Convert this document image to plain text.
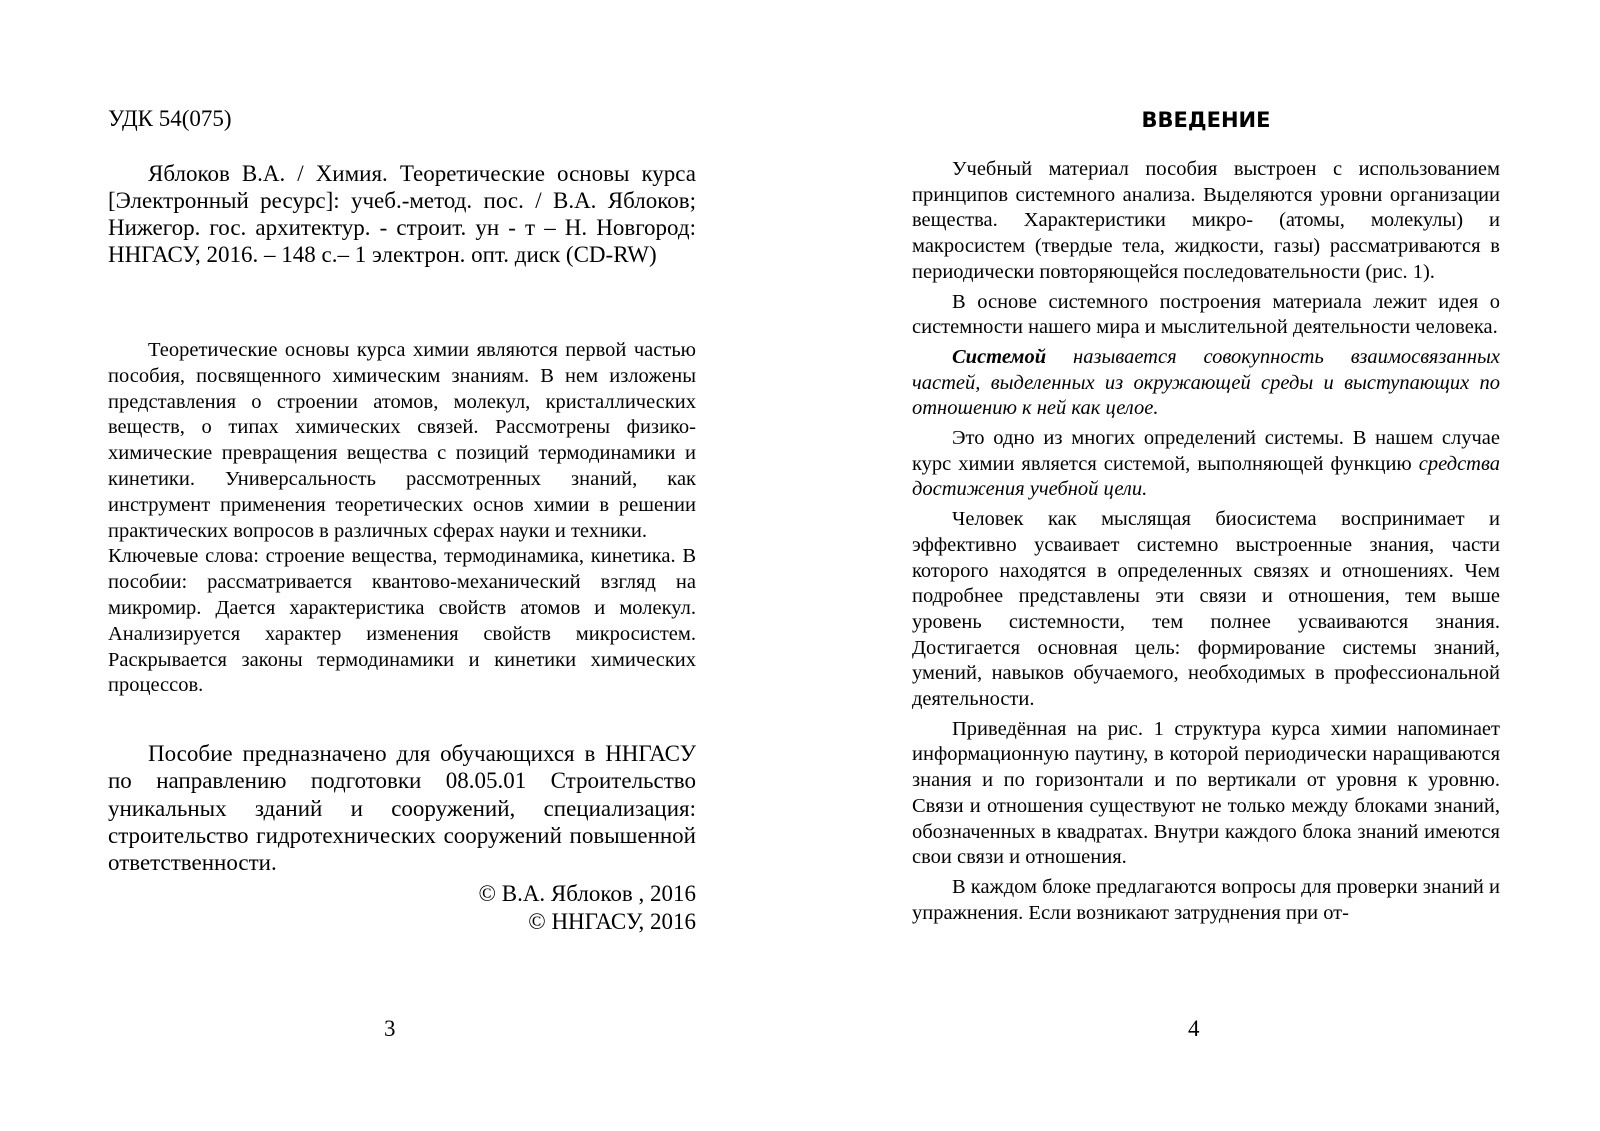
УДК 54(075)

Яблоков В.А. / Химия. Теоретические основы курса [Электронный ресурс]: учеб.-метод. пос. / В.А. Яблоков; Нижегор. гос. архитектур. - строит. ун - т – Н. Новгород: ННГАСУ, 2016. – 148 с.– 1 электрон. опт. диск (CD-RW)

Теоретические основы курса химии являются первой частью пособия, посвященного химическим знаниям. В нем изложены представления о строении атомов, молекул, кристаллических веществ, о типах химических связей. Рассмотрены физико-химические превращения вещества с позиций термодинамики и кинетики. Универсальность рассмотренных знаний, как инструмент применения теоретических основ химии в решении практических вопросов в различных сферах науки и техники.

Ключевые слова: строение вещества, термодинамика, кинетика. В пособии: рассматривается квантово-механический взгляд на микромир. Дается характеристика свойств атомов и молекул. Анализируется характер изменения свойств микросистем. Раскрывается законы термодинамики и кинетики химических процессов.

Пособие предназначено для обучающихся в ННГАСУ по направлению подготовки 08.05.01 Строительство уникальных зданий и сооружений, специализация: строительство гидротехнических сооружений повышенной ответственности.

© В.А. Яблоков , 2016
© ННГАСУ, 2016
3
ВВЕДЕНИЕ

Учебный материал пособия выстроен с использованием принципов системного анализа. Выделяются уровни организации вещества. Характеристики микро- (атомы, молекулы) и макросистем (твердые тела, жидкости, газы) рассматриваются в периодически повторяющейся последовательности (рис. 1).

В основе системного построения материала лежит идея о системности нашего мира и мыслительной деятельности человека.

Системой называется совокупность взаимосвязанных частей, выделенных из окружающей среды и выступающих по отношению к ней как целое.

Это одно из многих определений системы. В нашем случае курс химии является системой, выполняющей функцию средства достижения учебной цели.

Человек как мыслящая биосистема воспринимает и эффективно усваивает системно выстроенные знания, части которого находятся в определенных связях и отношениях. Чем подробнее представлены эти связи и отношения, тем выше уровень системности, тем полнее усваиваются знания. Достигается основная цель: формирование системы знаний, умений, навыков обучаемого, необходимых в профессиональной деятельности.

Приведённая на рис. 1 структура курса химии напоминает информационную паутину, в которой периодически наращиваются знания и по горизонтали и по вертикали от уровня к уровню. Связи и отношения существуют не только между блоками знаний, обозначенных в квадратах. Внутри каждого блока знаний имеются свои связи и отношения.

В каждом блоке предлагаются вопросы для проверки знаний и упражнения. Если возникают затруднения при от-

4
